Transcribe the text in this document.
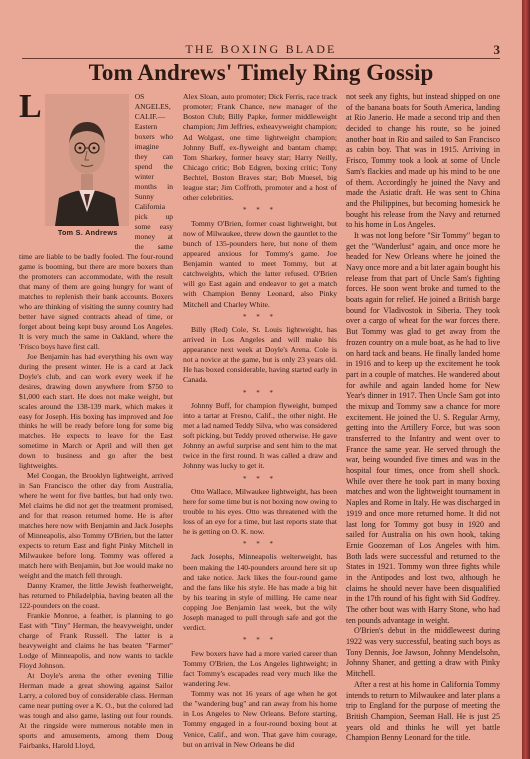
THE BOXING BLADE	3
Tom Andrews' Timely Ring Gossip

L
Tom S. Andrews
OS ANGELES, CALIF.—Eastern boxers who imagine they can spend the winter months in Sunny California pick up some easy money at the same time are liable to be badly fooled. The four-round game is booming, but there are more boxers than the promoters can accommodate, with the result that many of them are going hungry for want of matches to replenish their bank accounts. Boxers who are thinking of visiting the sunny country had better have signed contracts ahead of time, or forget about being kept busy around Los Angeles. It is very much the same in Oakland, where the 'Frisco boys have first call.

Joe Benjamin has had everything his own way during the present winter. He is a card at Jack Doyle's club, and can work every week if he desires, drawing down anywhere from $750 to $1,000 each start. He does not make weight, but scales around the 138-139 mark, which makes it easy for Joseph. His boxing has improved and Joe thinks he will be ready before long for some big matches. He expects to leave for the East sometime in March or April and will then get down to business and go after the best lightweights.

Mel Coogan, the Brooklyn lightweight, arrived in San Francisco the other day from Australia, where he went for five battles, but had only two. Mel claims he did not get the treatment promised, and for that reason returned home. He is after matches here now with Benjamin and Jack Josephs of Minneapolis, also Tommy O'Brien, but the latter expects to return East and fight Pinky Mitchell in Milwaukee before long. Tommy was offered a match here with Benjamin, but Joe would make no weight and the match fell through.

Danny Kramer, the little Jewish featherweight, has returned to Philadelphia, having beaten all the 122-pounders on the coast.

Frankie Monroe, a feather, is planning to go East with "Tiny" Herman, the heavyweight, under charge of Frank Russell. The latter is a heavyweight and claims he has beaten "Farmer" Lodge of Minneapolis, and now wants to tackle Floyd Johnson.

At Doyle's arena the other evening Tillie Herman made a great showing against Sailor Larry, a colored boy of considerable class. Herman came near putting over a K. O., but the colored lad was tough and also game, lasting out four rounds. At the ringside were numerous notable men in sports and amusements, among them Doug Fairbanks, Harold Lloyd,

Alex Sloan, auto promoter; Dick Ferris, race track promoter; Frank Chance, new manager of the Boston Club; Billy Papke, former middleweight champion; Jim Jeffries, exheavyweight champion; Ad Wolgast, one time lightweight champion; Johnny Buff, ex-flyweight and bantam champ; Tom Sharkey, former heavy star; Harry Neilly, Chicago critic; Bob Edgren, boxing critic; Tony Bechtel, Boston Braves star; Bob Muesel, big league star; Jim Coffroth, promoter and a host of other celebrities.

* * *

Tommy O'Brien, former coast lightweight, but now of Milwaukee, threw down the gauntlet to the bunch of 135-pounders here, but none of them appeared anxious for Tommy's game. Joe Benjamin wanted to meet Tommy, but at catchweights, which the latter refused. O'Brien will go East again and endeavor to get a match with Champion Benny Leonard, also Pinky Mitchell and Charley White.

* * *

Billy (Red) Cole, St. Louis lightweight, has arrived in Los Angeles and will make his appearance next week at Doyle's Arena. Cole is not a novice at the game, but is only 23 years old. He has boxed considerable, having started early in Canada.

* * *

Johnny Buff, for champion flyweight, bumped into a tartar at Fresno, Calif., the other night. He met a lad named Teddy Silva, who was considered soft picking, but Teddy proved otherwise. He gave Johnny an awful surprise and sent him to the mat twice in the first round. It was called a draw and Johnny was lucky to get it.

* * *

Otto Wallace, Milwaukee lightweight, has been here for some time but is not boxing now owing to trouble to his eyes. Otto was threatened with the loss of an eye for a time, but last reports state that he is getting on O. K. now.

* * *

Jack Josephs, Minneapolis welterweight, has been making the 140-pounders around here sit up and take notice. Jack likes the four-round game and the fans like his style. He has made a big hit by his tearing in style of milling. He came near copping Joe Benjamin last week, but the wily Joseph managed to pull through safe and got the verdict.

* * *

Few boxers have had a more varied career than Tommy O'Brien, the Los Angeles lightweight; in fact Tommy's escapades read very much like the wandering Jew.

Tommy was not 16 years of age when he got the "wandering bug" and ran away from his home in Los Angeles to New Orleans. Before starting, Tommy engaged in a four-round boxing bout at Venice, Calif., and won. That gave him courage, but on arrival in New Orleans he did

not seek any fights, but instead shipped on one of the banana boats for South America, landing at Rio Janerio. He made a second trip and then decided to change his route, so he joined another boat in Rio and sailed to San Francisco as cabin boy. That was in 1915. Arriving in Frisco, Tommy took a look at some of Uncle Sam's flackies and made up his mind to be one of them. Accordingly he joined the Navy and made the Asiatic draft. He was sent to China and the Philippines, but becoming homesick he bought his release from the Navy and returned to his home in Los Angeles.

It was not long before "Sir Tommy" began to get the "Wanderlust" again, and once more he headed for New Orleans where he joined the Navy once more and a bit later again bought his release from that part of Uncle Sam's fighting forces. He soon went broke and turned to the boats again for relief. He joined a British barge bound for Vladivostok in Siberia. They took over a cargo of wheat for the war forces there. But Tommy was glad to get away from the frozen country on a mule boat, as he had to live on hard tack and beans. He finally landed home in 1916 and to keep up the excitement he took part in a couple of matches. He wandered about for awhile and again landed home for New Year's dinner in 1917. Then Uncle Sam got into the mixup and Tommy saw a chance for more excitement. He joined the U. S. Regular Army, getting into the Artillery Force, but was soon transferred to the Infantry and went over to France the same year. He served through the war, being wounded five times and was in the hospital four times, once from shell shock. While over there he took part in many boxing matches and won the lightweight tournament in Naples and Rome in Italy. He was discharged in 1919 and once more returned home. It did not last long for Tommy got busy in 1920 and sailed for Australia on his own hook, taking Ernie Goozeman of Los Angeles with him. Both lads were successful and returned to the States in 1921. Tommy won three fights while in the Antipodes and lost two, although he claims he should never have been disqualified in the 17th round of his fight with Sid Godfrey. The other bout was with Harry Stone, who had ten pounds advantage in weight.

O'Brien's debut in the middleweest during 1922 was very successful, beating such boys as Tony Dennis, Joe Jawson, Johnny Mendelsohn, Johnny Shaner, and getting a draw with Pinky Mitchell.

After a rest at his home in California Tommy intends to return to Milwaukee and later plans a trip to England for the purpose of meeting the British Champion, Seeman Hall. He is just 25 years old and thinks he will yet battle Champion Benny Leonard for the title.
